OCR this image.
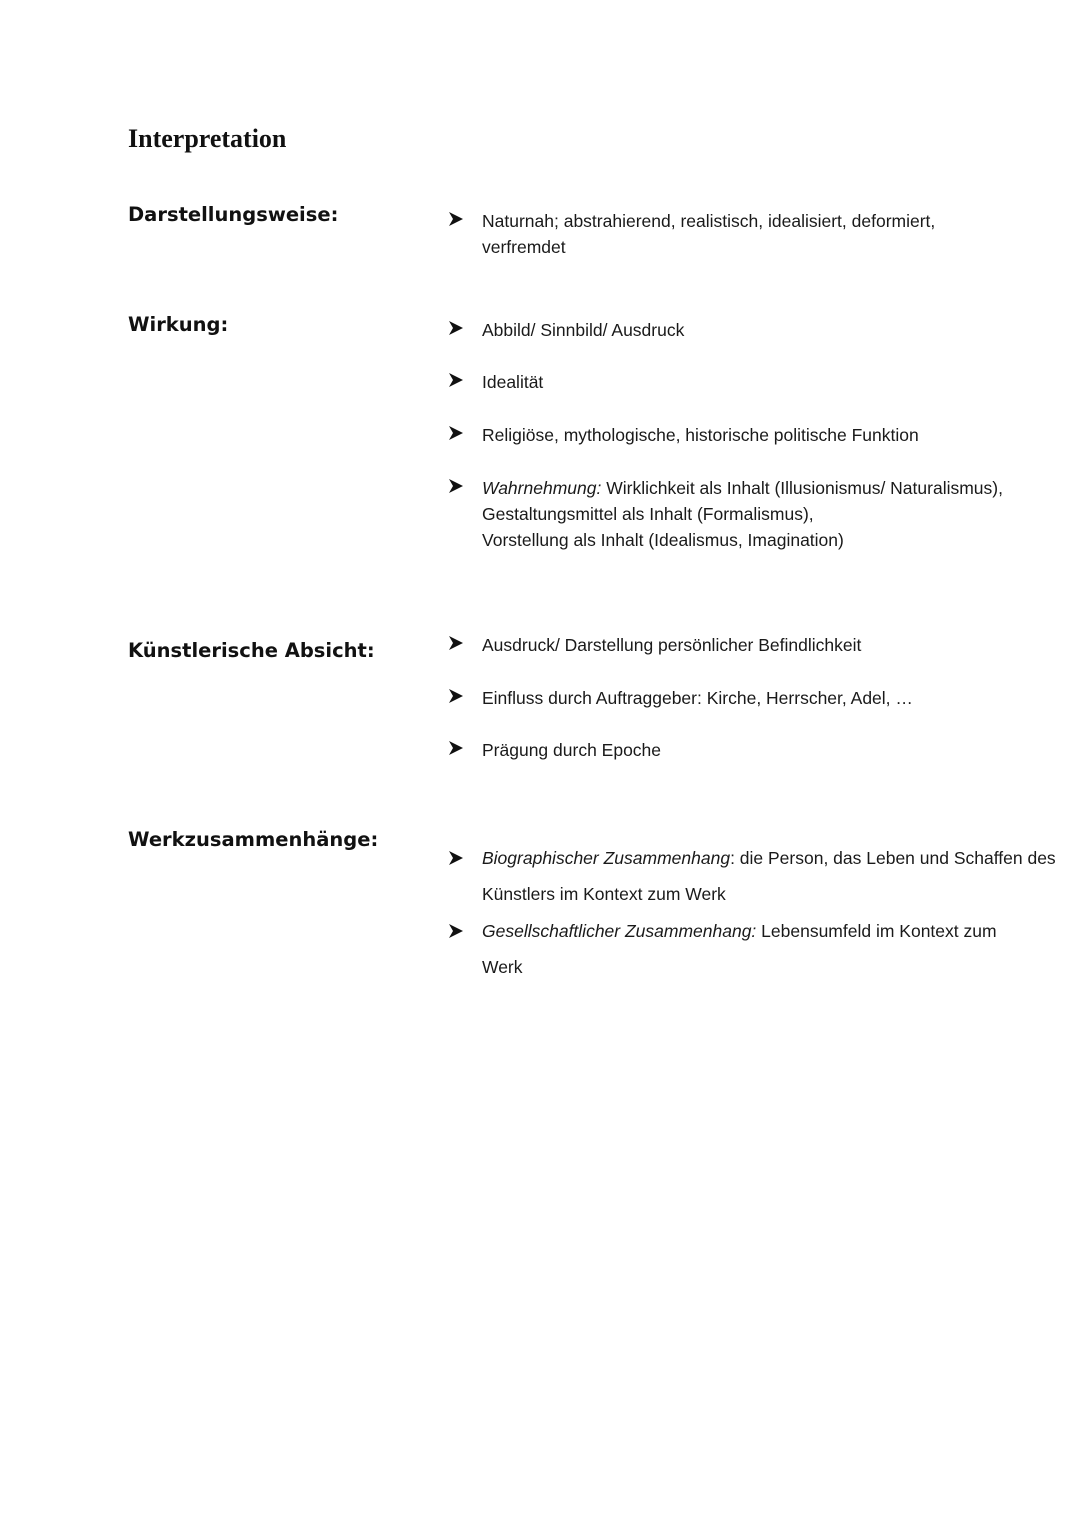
Interpretation
Darstellungsweise:	Naturnah; abstrahierend, realistisch, idealisiert, deformiert, verfremdet
Wirkung:	Abbild/ Sinnbild/ Ausdruck
Idealität
Religiöse, mythologische, historische politische Funktion
Wahrnehmung: Wirklichkeit als Inhalt (Illusionismus/ Naturalismus),
Gestaltungsmittel als Inhalt (Formalismus),
Vorstellung als Inhalt (Idealismus, Imagination)
Künstlerische Absicht:	Ausdruck/ Darstellung persönlicher Befindlichkeit
Einfluss durch Auftraggeber: Kirche, Herrscher, Adel, …
Prägung durch Epoche
Werkzusammenhänge:
Biographischer Zusammenhang: die Person, das Leben und Schaffen des Künstlers im Kontext zum Werk
Gesellschaftlicher Zusammenhang: Lebensumfeld im Kontext zum Werk
